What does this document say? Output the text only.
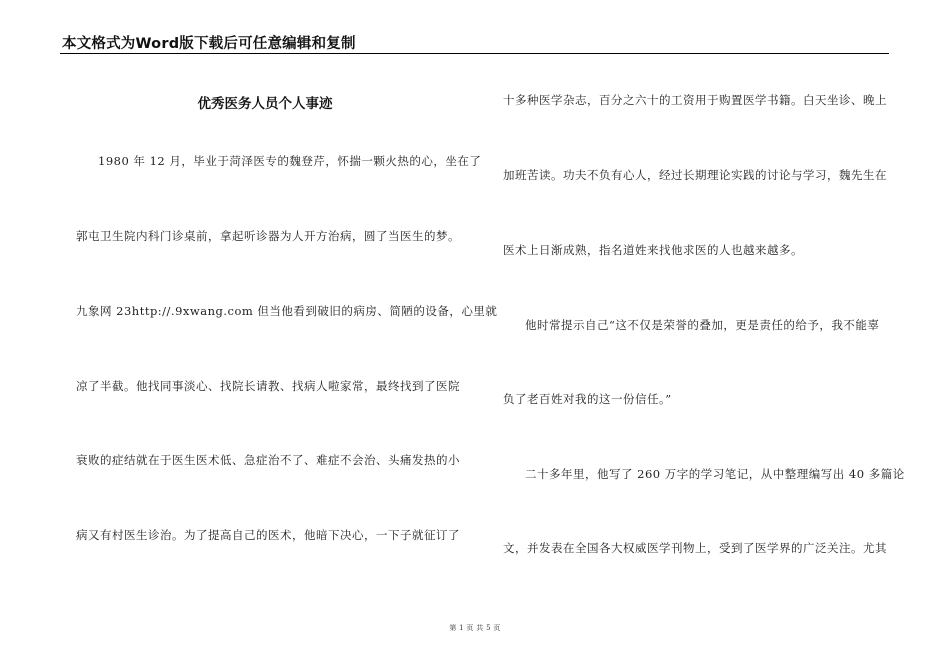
本文格式为Word版下载后可任意编辑和复制
优秀医务人员个人事迹
1980 年 12 月，毕业于菏泽医专的魏登芹，怀揣一颗火热的心，坐在了
郭屯卫生院内科门诊桌前，拿起听诊器为人开方治病，圆了当医生的梦。
九象网 23http://.9xwang.com 但当他看到破旧的病房、简陋的设备，心里就
凉了半截。他找同事淡心、找院长请教、找病人啦家常，最终找到了医院
衰败的症结就在于医生医术低、急症治不了、难症不会治、头痛发热的小
病又有村医生诊治。为了提高自己的医术，他暗下决心，一下子就征订了
十多种医学杂志，百分之六十的工资用于购置医学书籍。白天坐诊、晚上
加班苦读。功夫不负有心人，经过长期理论实践的讨论与学习，魏先生在
医术上日渐成熟，指名道姓来找他求医的人也越来越多。
他时常提示自己“这不仅是荣誉的叠加，更是责任的给予，我不能辜
负了老百姓对我的这一份信任。”
二十多年里，他写了 260 万字的学习笔记，从中整理编写出 40 多篇论
文，并发表在全国各大权威医学刊物上，受到了医学界的广泛关注。尤其
第 1 页 共 5 页
